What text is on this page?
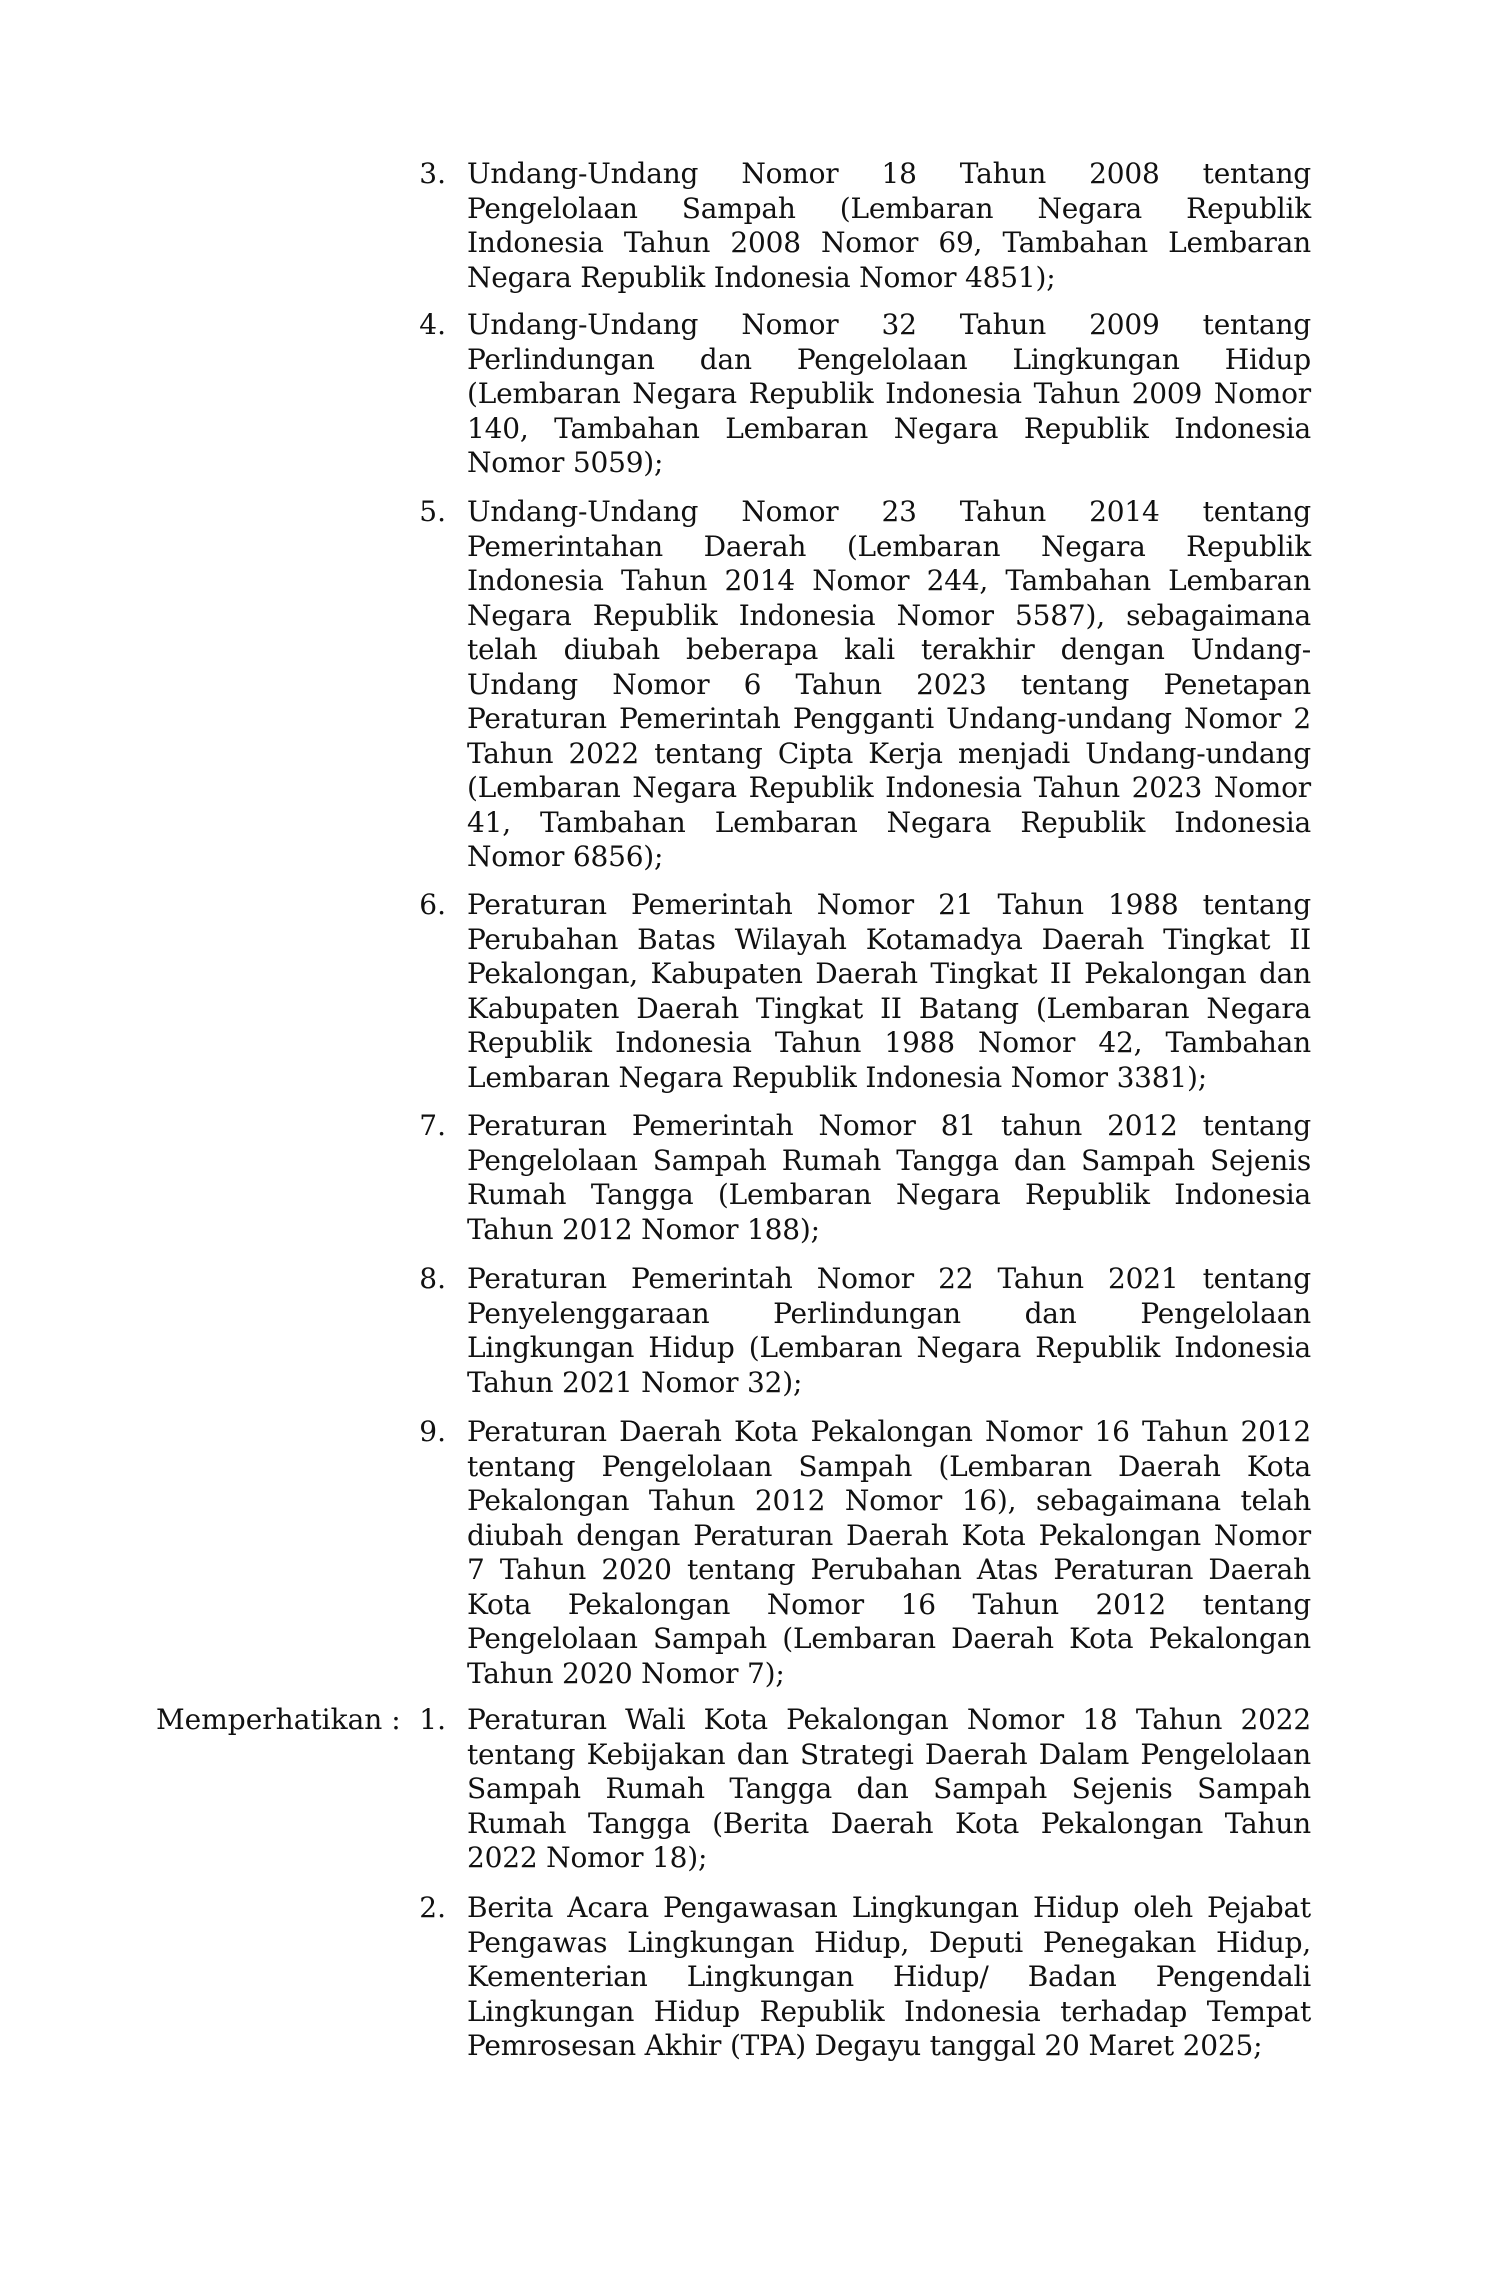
3. Undang-Undang Nomor 18 Tahun 2008 tentang
Pengelolaan Sampah (Lembaran Negara Republik
Indonesia Tahun 2008 Nomor 69, Tambahan Lembaran
Negara Republik Indonesia Nomor 4851);
4. Undang-Undang Nomor 32 Tahun 2009 tentang
Perlindungan dan Pengelolaan Lingkungan Hidup
(Lembaran Negara Republik Indonesia Tahun 2009 Nomor
140, Tambahan Lembaran Negara Republik Indonesia
Nomor 5059);
5. Undang-Undang Nomor 23 Tahun 2014 tentang
Pemerintahan Daerah (Lembaran Negara Republik
Indonesia Tahun 2014 Nomor 244, Tambahan Lembaran
Negara Republik Indonesia Nomor 5587), sebagaimana
telah diubah beberapa kali terakhir dengan Undang-
Undang Nomor 6 Tahun 2023 tentang Penetapan
Peraturan Pemerintah Pengganti Undang-undang Nomor 2
Tahun 2022 tentang Cipta Kerja menjadi Undang-undang
(Lembaran Negara Republik Indonesia Tahun 2023 Nomor
41, Tambahan Lembaran Negara Republik Indonesia
Nomor 6856);
6. Peraturan Pemerintah Nomor 21 Tahun 1988 tentang
Perubahan Batas Wilayah Kotamadya Daerah Tingkat II
Pekalongan, Kabupaten Daerah Tingkat II Pekalongan dan
Kabupaten Daerah Tingkat II Batang (Lembaran Negara
Republik Indonesia Tahun 1988 Nomor 42, Tambahan
Lembaran Negara Republik Indonesia Nomor 3381);
7. Peraturan Pemerintah Nomor 81 tahun 2012 tentang
Pengelolaan Sampah Rumah Tangga dan Sampah Sejenis
Rumah Tangga (Lembaran Negara Republik Indonesia
Tahun 2012 Nomor 188);
8. Peraturan Pemerintah Nomor 22 Tahun 2021 tentang
Penyelenggaraan Perlindungan dan Pengelolaan
Lingkungan Hidup (Lembaran Negara Republik Indonesia
Tahun 2021 Nomor 32);
9. Peraturan Daerah Kota Pekalongan Nomor 16 Tahun 2012
tentang Pengelolaan Sampah (Lembaran Daerah Kota
Pekalongan Tahun 2012 Nomor 16), sebagaimana telah
diubah dengan Peraturan Daerah Kota Pekalongan Nomor
7 Tahun 2020 tentang Perubahan Atas Peraturan Daerah
Kota Pekalongan Nomor 16 Tahun 2012 tentang
Pengelolaan Sampah (Lembaran Daerah Kota Pekalongan
Tahun 2020 Nomor 7);
Memperhatikan : 1. Peraturan Wali Kota Pekalongan Nomor 18 Tahun 2022
tentang Kebijakan dan Strategi Daerah Dalam Pengelolaan
Sampah Rumah Tangga dan Sampah Sejenis Sampah
Rumah Tangga (Berita Daerah Kota Pekalongan Tahun
2022 Nomor 18);
2. Berita Acara Pengawasan Lingkungan Hidup oleh Pejabat
Pengawas Lingkungan Hidup, Deputi Penegakan Hidup,
Kementerian Lingkungan Hidup/ Badan Pengendali
Lingkungan Hidup Republik Indonesia terhadap Tempat
Pemrosesan Akhir (TPA) Degayu tanggal 20 Maret 2025;
